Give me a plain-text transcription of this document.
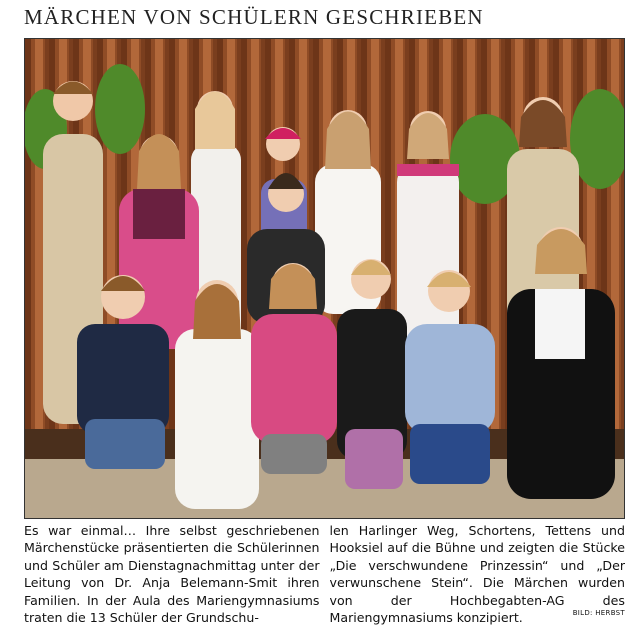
MÄRCHEN VON SCHÜLERN GESCHRIEBEN
Es war einmal… Ihre selbst geschriebenen Märchenstücke präsentierten die Schülerinnen und Schüler am Dienstagnachmittag unter der Leitung von Dr. Anja Belemann-Smit ihren Familien. In der Aula des Mariengymnasiums traten die 13 Schüler der Grundschu-
len Harlinger Weg, Schortens, Tettens und Hooksiel auf die Bühne und zeigten die Stücke „Die verschwundene Prinzessin“ und „Der verwunschene Stein“. Die Märchen wurden von der Hochbegabten-AG des Mariengymnasiums konzipiert.	BILD: HERBST
